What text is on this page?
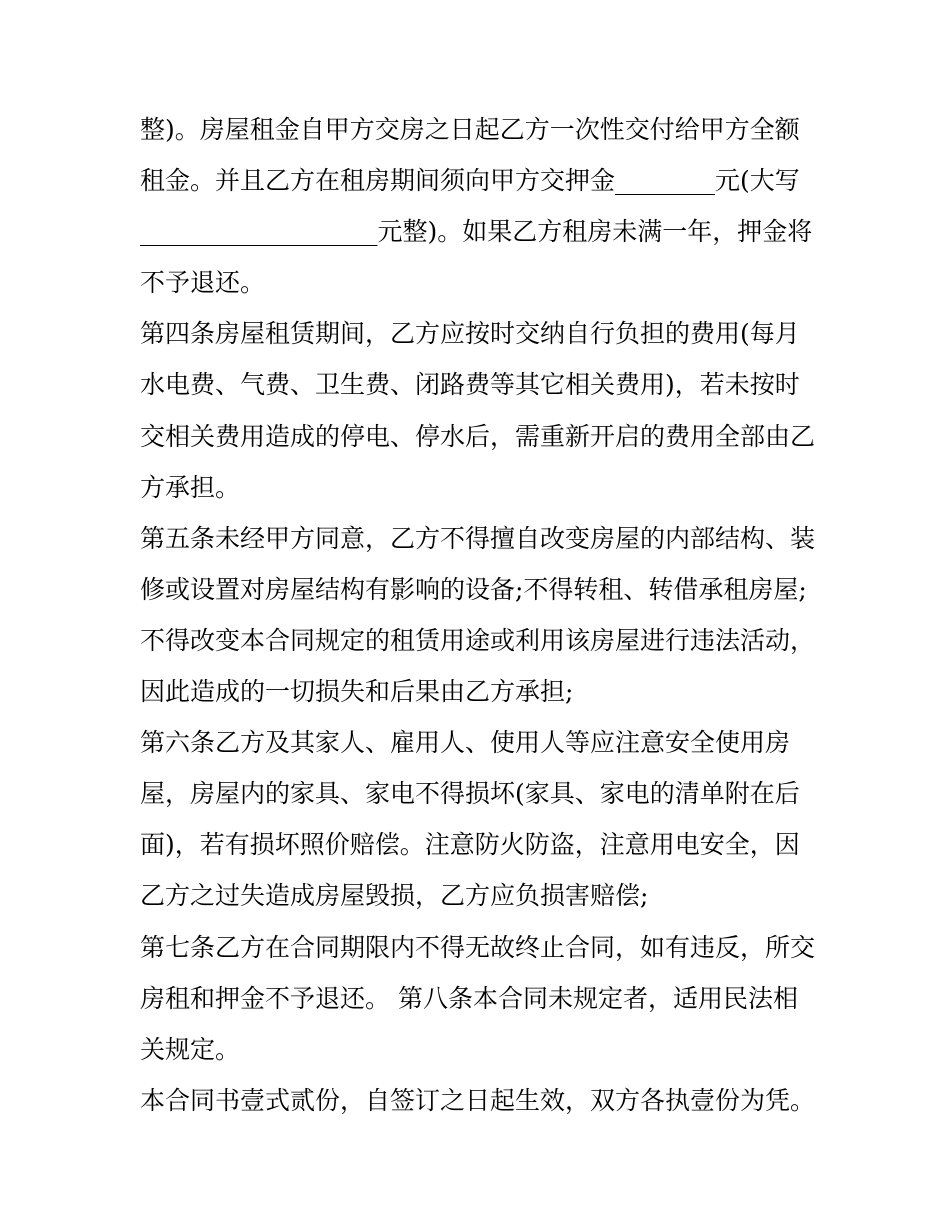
整)。房屋租金自甲方交房之日起乙方一次性交付给甲方全额
租金。并且乙方在租房期间须向甲方交押金________元(大写
___________________元整)。如果乙方租房未满一年，押金将
不予退还。
第四条房屋租赁期间，乙方应按时交纳自行负担的费用(每月
水电费、气费、卫生费、闭路费等其它相关费用)，若未按时
交相关费用造成的停电、停水后，需重新开启的费用全部由乙
方承担。
第五条未经甲方同意，乙方不得擅自改变房屋的内部结构、装
修或设置对房屋结构有影响的设备;不得转租、转借承租房屋;
不得改变本合同规定的租赁用途或利用该房屋进行违法活动，
因此造成的一切损失和后果由乙方承担;
第六条乙方及其家人、雇用人、使用人等应注意安全使用房
屋，房屋内的家具、家电不得损坏(家具、家电的清单附在后
面)，若有损坏照价赔偿。注意防火防盗，注意用电安全，因
乙方之过失造成房屋毁损，乙方应负损害赔偿;
第七条乙方在合同期限内不得无故终止合同，如有违反，所交
房租和押金不予退还。 第八条本合同未规定者，适用民法相
关规定。
本合同书壹式贰份，自签订之日起生效，双方各执壹份为凭。
